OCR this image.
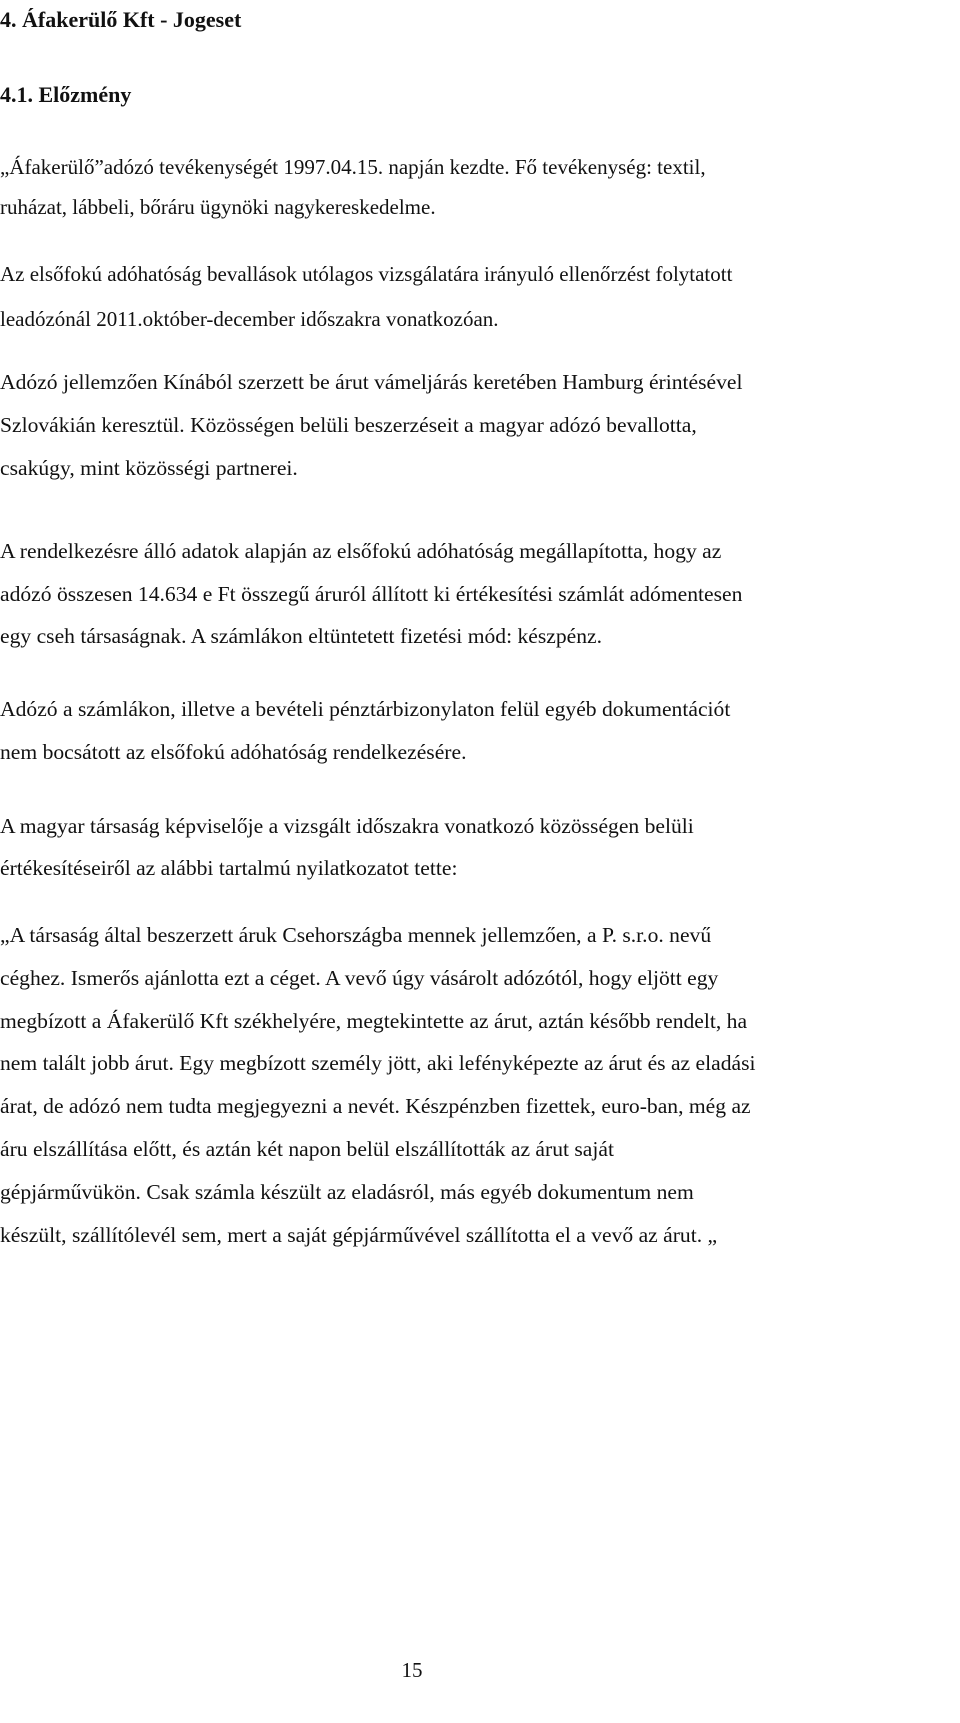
4. Áfakerülő Kft - Jogeset
4.1. Előzmény

„Áfakerülő”adózó tevékenységét 1997.04.15. napján kezdte. Fő tevékenység: textil,
ruházat, lábbeli, bőráru ügynöki nagykereskedelme.

Az elsőfokú adóhatóság bevallások utólagos vizsgálatára irányuló ellenőrzést folytatott
leadózónál 2011.október-december időszakra vonatkozóan.

Adózó jellemzően Kínából szerzett be árut vámeljárás keretében Hamburg érintésével
Szlovákián keresztül. Közösségen belüli beszerzéseit a magyar adózó bevallotta,
csakúgy, mint közösségi partnerei.

A rendelkezésre álló adatok alapján az elsőfokú adóhatóság megállapította, hogy az
adózó összesen 14.634 e Ft összegű áruról állított ki értékesítési számlát adómentesen
egy cseh társaságnak. A számlákon eltüntetett fizetési mód: készpénz.

Adózó a számlákon, illetve a bevételi pénztárbizonylaton felül egyéb dokumentációt
nem bocsátott az elsőfokú adóhatóság rendelkezésére.

A magyar társaság képviselője a vizsgált időszakra vonatkozó közösségen belüli
értékesítéseiről az alábbi tartalmú nyilatkozatot tette:

„A társaság által beszerzett áruk Csehországba mennek jellemzően, a P. s.r.o. nevű
céghez. Ismerős ajánlotta ezt a céget. A vevő úgy vásárolt adózótól, hogy eljött egy
megbízott a Áfakerülő Kft székhelyére, megtekintette az árut, aztán később rendelt, ha
nem talált jobb árut. Egy megbízott személy jött, aki lefényképezte az árut és az eladási
árat, de adózó nem tudta megjegyezni a nevét. Készpénzben fizettek, euro-ban, még az
áru elszállítása előtt, és aztán két napon belül elszállították az árut saját
gépjárművükön. Csak számla készült az eladásról, más egyéb dokumentum nem
készült, szállítólevél sem, mert a saját gépjárművével szállította el a vevő az árut. „

15
